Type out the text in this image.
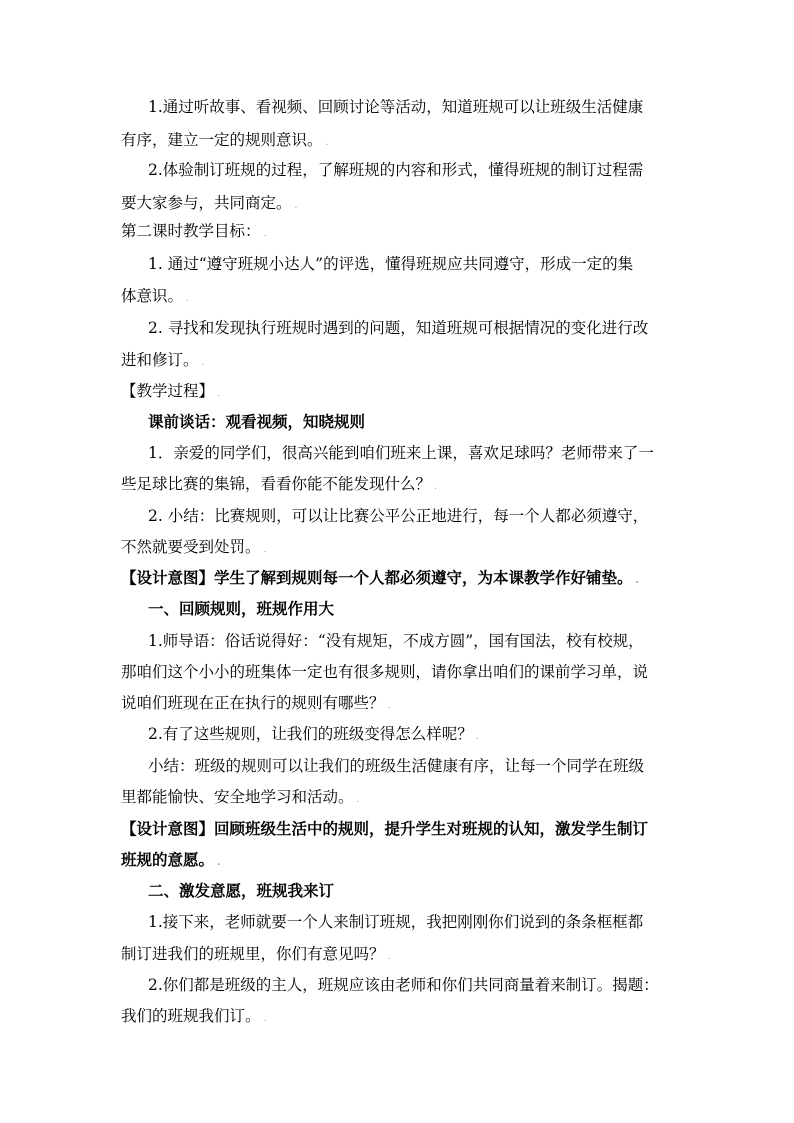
1.通过听故事、看视频、回顾讨论等活动，知道班规可以让班级生活健康
有序，建立一定的规则意识。 .
2.体验制订班规的过程，了解班规的内容和形式，懂得班规的制订过程需
要大家参与，共同商定。 .
第二课时教学目标： .
1. 通过“遵守班规小达人”的评选，懂得班规应共同遵守，形成一定的集
体意识。 .
2. 寻找和发现执行班规时遇到的问题，知道班规可根据情况的变化进行改
进和修订。 .
【教学过程】 .
课前谈话：观看视频，知晓规则
1．亲爱的同学们，很高兴能到咱们班来上课，喜欢足球吗？老师带来了一
些足球比赛的集锦，看看你能不能发现什么？ .
2. 小结：比赛规则，可以让比赛公平公正地进行，每一个人都必须遵守，
不然就要受到处罚。 .
【设计意图】学生了解到规则每一个人都必须遵守，为本课教学作好铺垫。 .
一、回顾规则，班规作用大
1.师导语：俗话说得好：“没有规矩，不成方圆”，国有国法，校有校规，
那咱们这个小小的班集体一定也有很多规则，请你拿出咱们的课前学习单，说
说咱们班现在正在执行的规则有哪些？ .
2.有了这些规则，让我们的班级变得怎么样呢？ .
小结：班级的规则可以让我们的班级生活健康有序，让每一个同学在班级
里都能愉快、安全地学习和活动。 .
【设计意图】回顾班级生活中的规则，提升学生对班规的认知，激发学生制订
班规的意愿。 .
二、激发意愿，班规我来订
1.接下来，老师就要一个人来制订班规，我把刚刚你们说到的条条框框都
制订进我们的班规里，你们有意见吗？ .
2.你们都是班级的主人，班规应该由老师和你们共同商量着来制订。揭题：
我们的班规我们订。 .
